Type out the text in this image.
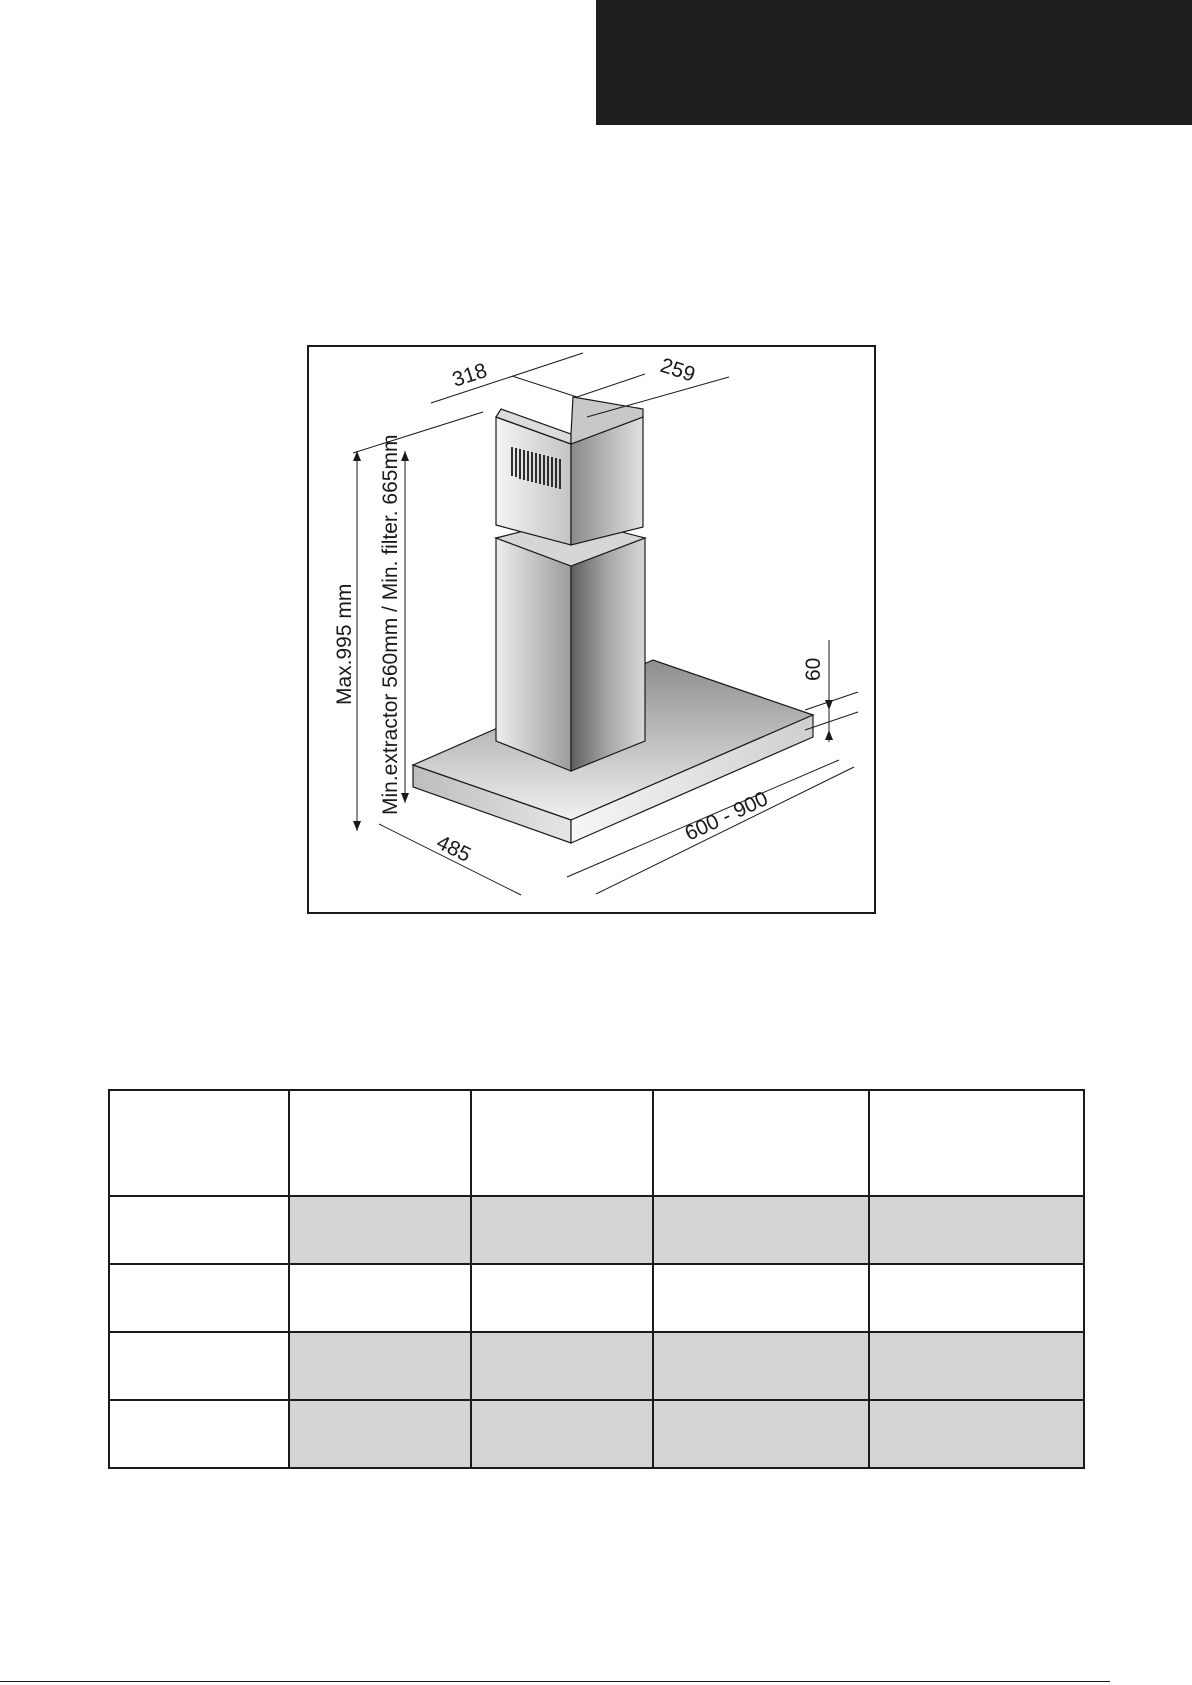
318	259
Max.995 mm Min.extractor 560mm / Min. filter. 665mm	60
485
600 - 900
